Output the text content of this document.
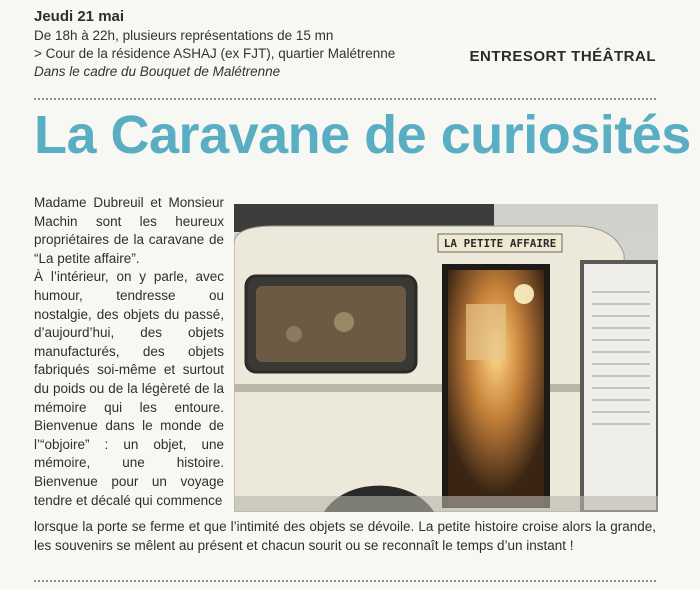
Jeudi 21 mai
De 18h à 22h, plusieurs représentations de 15 mn
> Cour de la résidence ASHAJ (ex FJT), quartier Malétrenne
Dans le cadre du Bouquet de Malétrenne
ENTRESORT THÉÂTRAL
La Caravane de curiosités

Madame Dubreuil et Monsieur Machin sont les heureux propriétaires de la caravane de “La petite affaire”.

À l’intérieur, on y parle, avec humour, tendresse ou nostalgie, des objets du passé, d’aujourd’hui, des objets manufacturés, des objets fabriqués soi-même et surtout du poids ou de la légèreté de la mémoire qui les entoure. Bienvenue dans le monde de l’“objoire” : un objet, une mémoire, une histoire. Bienvenue pour un voyage tendre et décalé qui commence

LA PETITE AFFAIRE
lorsque la porte se ferme et que l’intimité des objets se dévoile. La petite histoire croise alors la grande, les souvenirs se mêlent au présent et chacun sourit ou se reconnaît le temps d’un instant !
